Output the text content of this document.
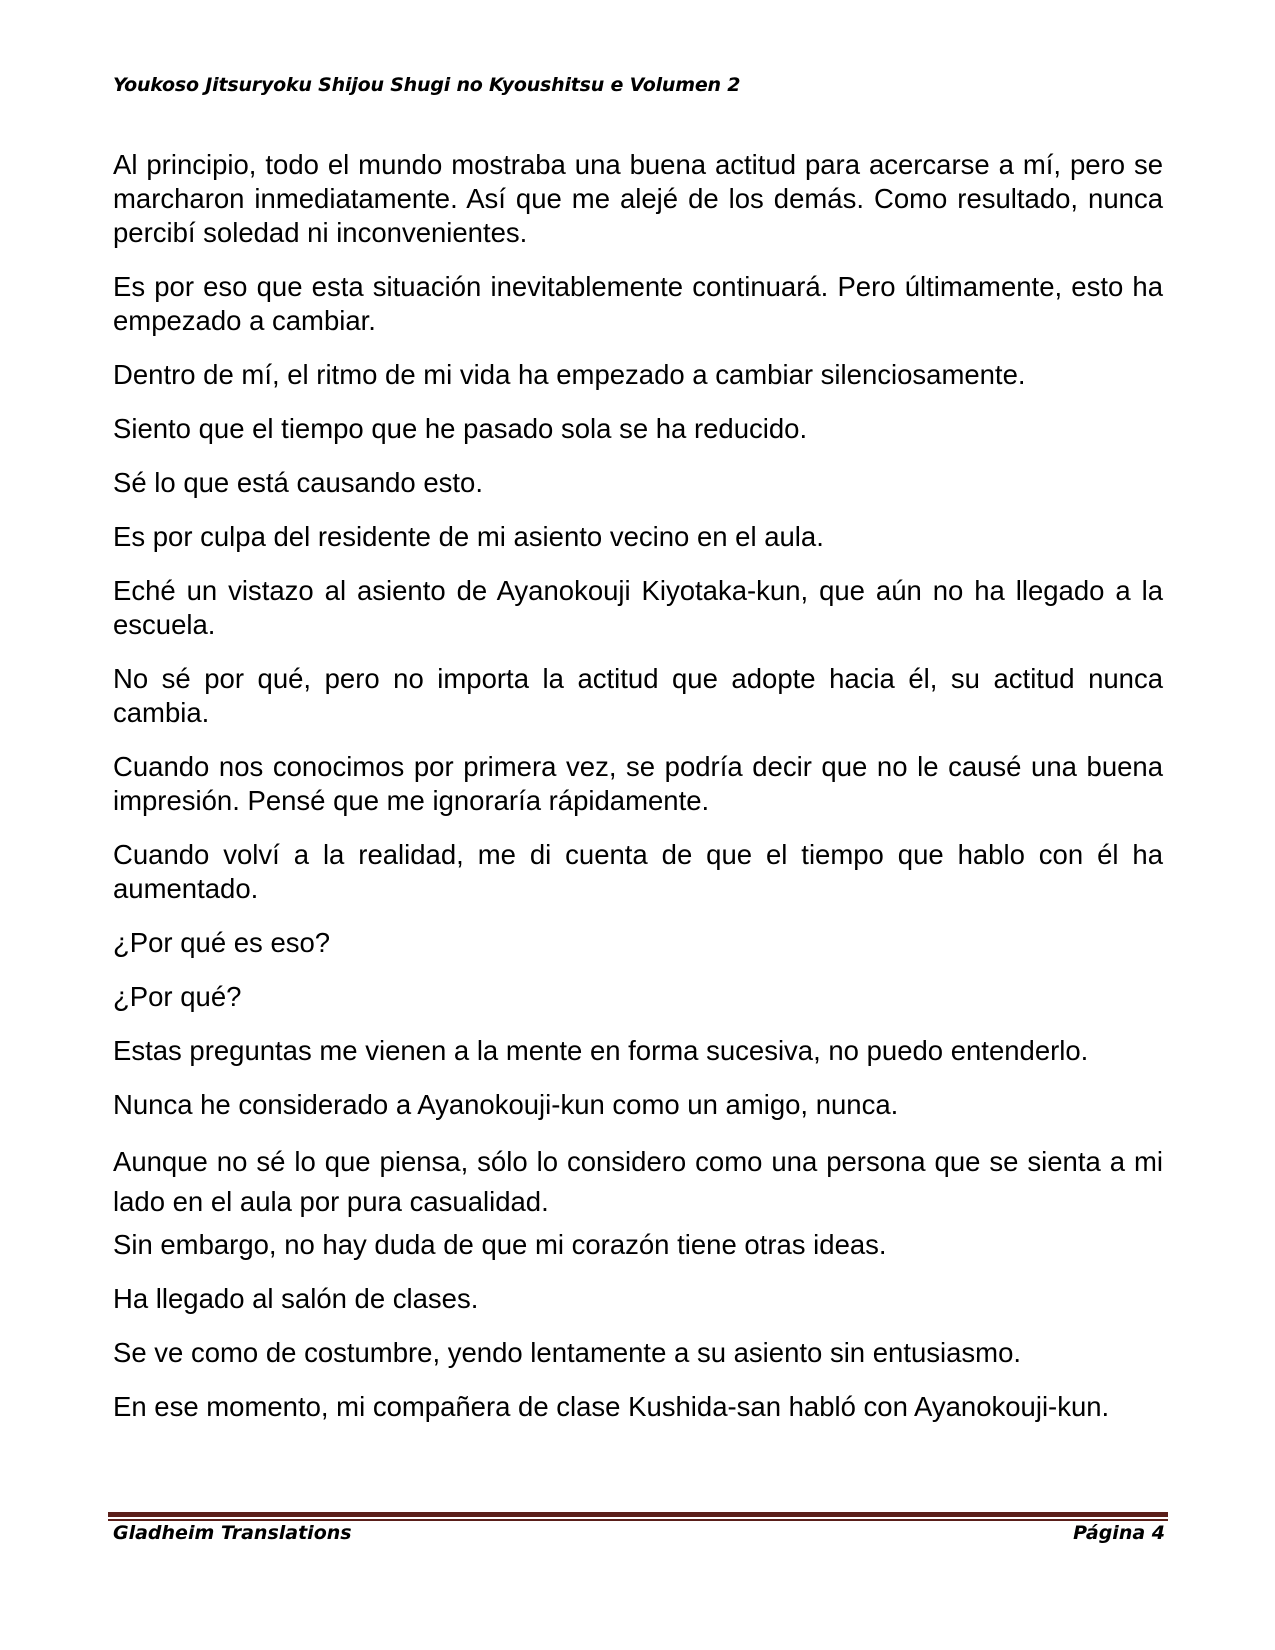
Youkoso Jitsuryoku Shijou Shugi no Kyoushitsu e Volumen 2

Al principio, todo el mundo mostraba una buena actitud para acercarse a mí, pero se marcharon inmediatamente. Así que me alejé de los demás. Como resultado, nunca percibí soledad ni inconvenientes.

Es por eso que esta situación inevitablemente continuará. Pero últimamente, esto ha empezado a cambiar.

Dentro de mí, el ritmo de mi vida ha empezado a cambiar silenciosamente.

Siento que el tiempo que he pasado sola se ha reducido.

Sé lo que está causando esto.

Es por culpa del residente de mi asiento vecino en el aula.

Eché un vistazo al asiento de Ayanokouji Kiyotaka-kun, que aún no ha llegado a la escuela.

No sé por qué, pero no importa la actitud que adopte hacia él, su actitud nunca cambia.

Cuando nos conocimos por primera vez, se podría decir que no le causé una buena impresión. Pensé que me ignoraría rápidamente.

Cuando volví a la realidad, me di cuenta de que el tiempo que hablo con él ha aumentado.

¿Por qué es eso?

¿Por qué?

Estas preguntas me vienen a la mente en forma sucesiva, no puedo entenderlo.

Nunca he considerado a Ayanokouji-kun como un amigo, nunca.

Aunque no sé lo que piensa, sólo lo considero como una persona que se sienta a mi lado en el aula por pura casualidad.

Sin embargo, no hay duda de que mi corazón tiene otras ideas.

Ha llegado al salón de clases.

Se ve como de costumbre, yendo lentamente a su asiento sin entusiasmo.

En ese momento, mi compañera de clase Kushida-san habló con Ayanokouji-kun.

Gladheim Translations	Página 4
